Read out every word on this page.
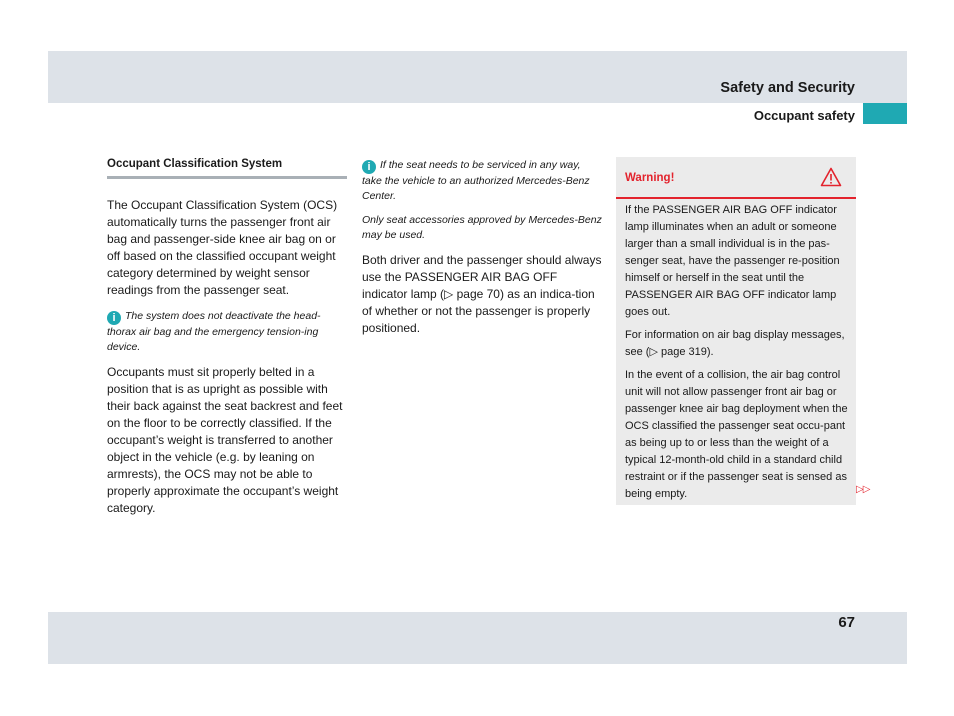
Safety and Security
Occupant safety
Occupant Classification System

The Occupant Classification System (OCS) automatically turns the passenger front air bag and passenger-side knee air bag on or off based on the classified occupant weight category determined by weight sensor readings from the passenger seat.

i The system does not deactivate the head-thorax air bag and the emergency tension-ing device.

Occupants must sit properly belted in a position that is as upright as possible with their back against the seat backrest and feet on the floor to be correctly classified. If the occupant’s weight is transferred to another object in the vehicle (e.g. by leaning on armrests), the OCS may not be able to properly approximate the occupant’s weight category.

i If the seat needs to be serviced in any way, take the vehicle to an authorized Mercedes-Benz Center.
Only seat accessories approved by Mercedes-Benz may be used.

Both driver and the passenger should always use the PASSENGER AIR BAG OFF indicator lamp (▷ page 70) as an indica-tion of whether or not the passenger is properly positioned.

Warning!

If the PASSENGER AIR BAG OFF indicator lamp illuminates when an adult or someone larger than a small individual is in the pas-senger seat, have the passenger re-position himself or herself in the seat until the PASSENGER AIR BAG OFF indicator lamp goes out.

For information on air bag display messages, see (▷ page 319).

In the event of a collision, the air bag control unit will not allow passenger front air bag or passenger knee air bag deployment when the OCS classified the passenger seat occu-pant as being up to or less than the weight of a typical 12-month-old child in a standard child restraint or if the passenger seat is sensed as being empty.	▷▷
67
